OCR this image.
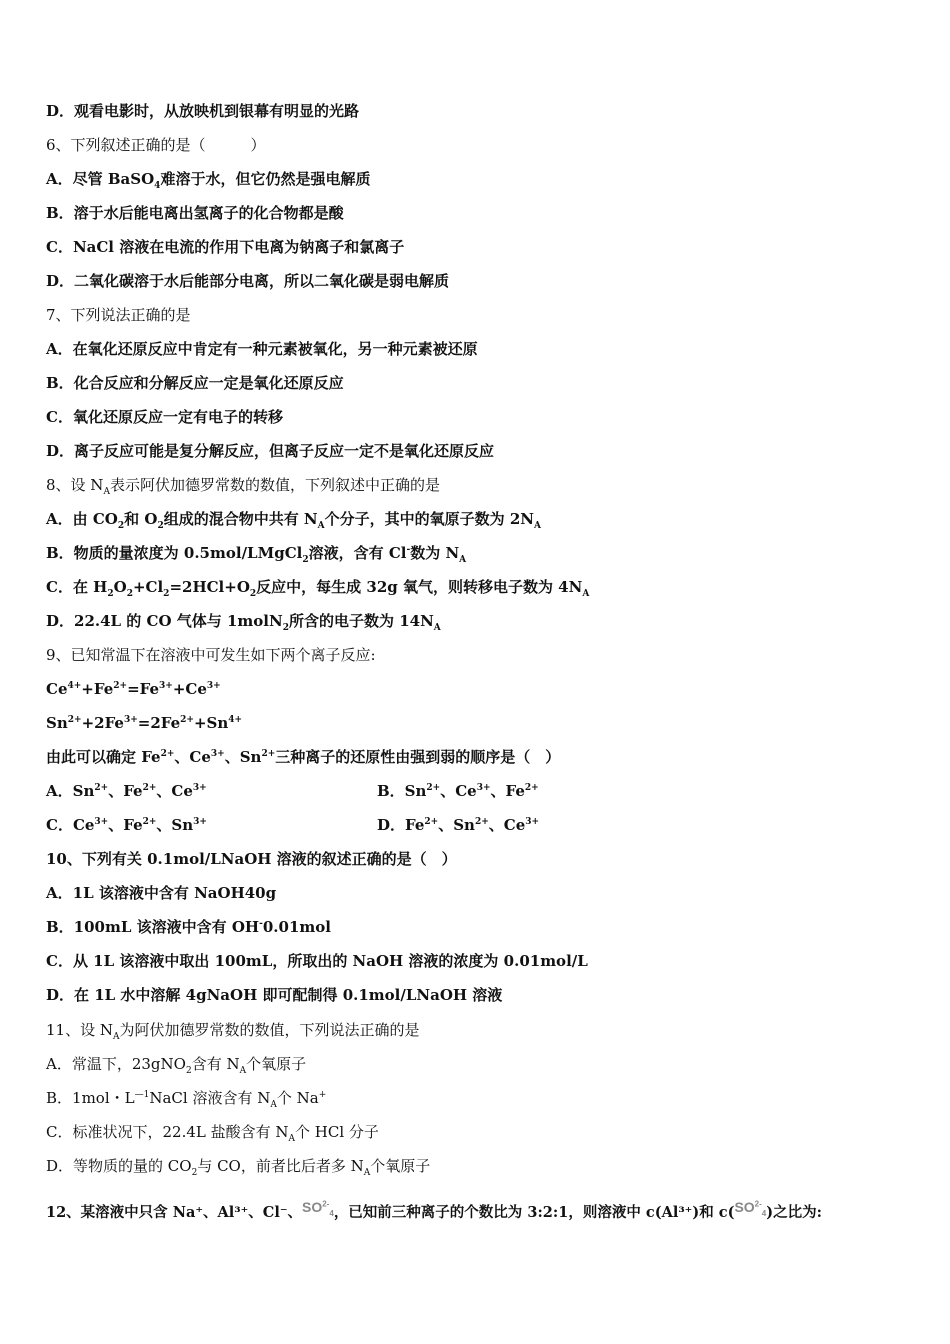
D．观看电影时，从放映机到银幕有明显的光路
6、下列叙述正确的是（　　　）
A．尽管 BaSO$_4$难溶于水，但它仍然是强电解质
B．溶于水后能电离出氢离子的化合物都是酸
C．NaCl 溶液在电流的作用下电离为钠离子和氯离子
D．二氧化碳溶于水后能部分电离，所以二氧化碳是弱电解质
7、下列说法正确的是
A．在氧化还原反应中肯定有一种元素被氧化，另一种元素被还原
B．化合反应和分解反应一定是氧化还原反应
C．氧化还原反应一定有电子的转移
D．离子反应可能是复分解反应，但离子反应一定不是氧化还原反应
8、设 $N_A$表示阿伏加德罗常数的数值，下列叙述中正确的是
A．由 $CO_2$和 $O_2$组成的混合物中共有 $N_A$个分子，其中的氧原子数为 $2N_A$
B．物质的量浓度为 0.5mol/LMgCl$_2$溶液，含有 Cl-数为 $N_A$
C．在 $H_2O_2+Cl_2=2HCl+O_2$反应中，每生成 32g 氧气，则转移电子数为 $4N_A$
D．22.4L 的 CO 气体与 1molN$_2$所含的电子数为 $14N_A$
9、已知常温下在溶液中可发生如下两个离子反应:
$Ce^{4+}+Fe^{2+}=Fe^{3+}+Ce^{3+}$
$Sn^{2+}+2Fe^{3+}=2Fe^{2+}+Sn^{4+}$
由此可以确定 $Fe^{2+}$、$Ce^{3+}$、$Sn^{2+}$三种离子的还原性由强到弱的顺序是（　）
A．$Sn^{2+}$、$Fe^{2+}$、$Ce^{3+}$	B．$Sn^{2+}$、$Ce^{3+}$、$Fe^{2+}$
C．$Ce^{3+}$、$Fe^{2+}$、$Sn^{3+}$	D．$Fe^{2+}$、$Sn^{2+}$、$Ce^{3+}$
10、下列有关 0.1mol/LNaOH 溶液的叙述正确的是（　）
A．1L 该溶液中含有 NaOH40g
B．100mL 该溶液中含有 OH-0.01mol
C．从 1L 该溶液中取出 100mL，所取出的 NaOH 溶液的浓度为 0.01mol/L
D．在 1L 水中溶解 4gNaOH 即可配制得 0.1mol/LNaOH 溶液
11、设 $N_A$为阿伏加德罗常数的数值，下列说法正确的是
A．常温下，23gNO$_2$含有 $N_A$个氧原子
B．1mol・$L^{—1}NaCl$ 溶液含有 $N_A$个 Na+
C．标准状况下，22.4L 盐酸含有 $N_A$个 HCl 分子
D．等物质的量的 $CO_2$与 CO，前者比后者多 $N_A$个氧原子
12、某溶液中只含 Na⁺、Al³⁺、Cl⁻、$SO^{2-}_4$，已知前三种离子的个数比为 3:2:1，则溶液中 c(Al³⁺)和 $c(SO^{2-}_4)$之比为:
